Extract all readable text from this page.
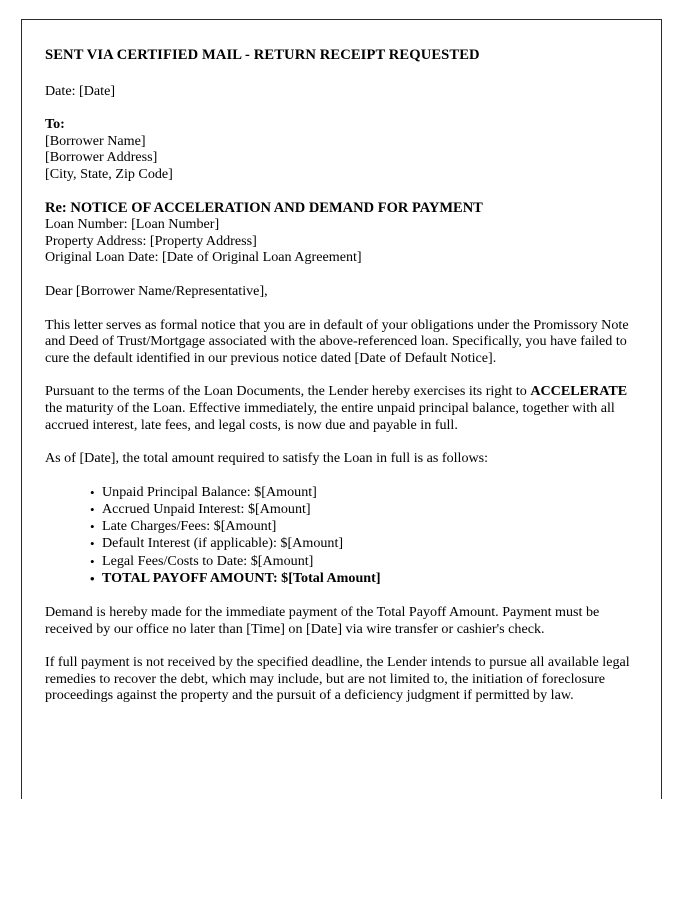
SENT VIA CERTIFIED MAIL - RETURN RECEIPT REQUESTED
Date: [Date]
To:
[Borrower Name]
[Borrower Address]
[City, State, Zip Code]
Re: NOTICE OF ACCELERATION AND DEMAND FOR PAYMENT
Loan Number: [Loan Number]
Property Address: [Property Address]
Original Loan Date: [Date of Original Loan Agreement]

Dear [Borrower Name/Representative],

This letter serves as formal notice that you are in default of your obligations under the Promissory Note and Deed of Trust/Mortgage associated with the above-referenced loan. Specifically, you have failed to cure the default identified in our previous notice dated [Date of Default Notice].

Pursuant to the terms of the Loan Documents, the Lender hereby exercises its right to ACCELERATE the maturity of the Loan. Effective immediately, the entire unpaid principal balance, together with all accrued interest, late fees, and legal costs, is now due and payable in full.

As of [Date], the total amount required to satisfy the Loan in full is as follows:

• Unpaid Principal Balance: $[Amount]
• Accrued Unpaid Interest: $[Amount]
• Late Charges/Fees: $[Amount]
• Default Interest (if applicable): $[Amount]
• Legal Fees/Costs to Date: $[Amount]
• TOTAL PAYOFF AMOUNT: $[Total Amount]

Demand is hereby made for the immediate payment of the Total Payoff Amount. Payment must be received by our office no later than [Time] on [Date] via wire transfer or cashier's check.

If full payment is not received by the specified deadline, the Lender intends to pursue all available legal remedies to recover the debt, which may include, but are not limited to, the initiation of foreclosure proceedings against the property and the pursuit of a deficiency judgment if permitted by law.
